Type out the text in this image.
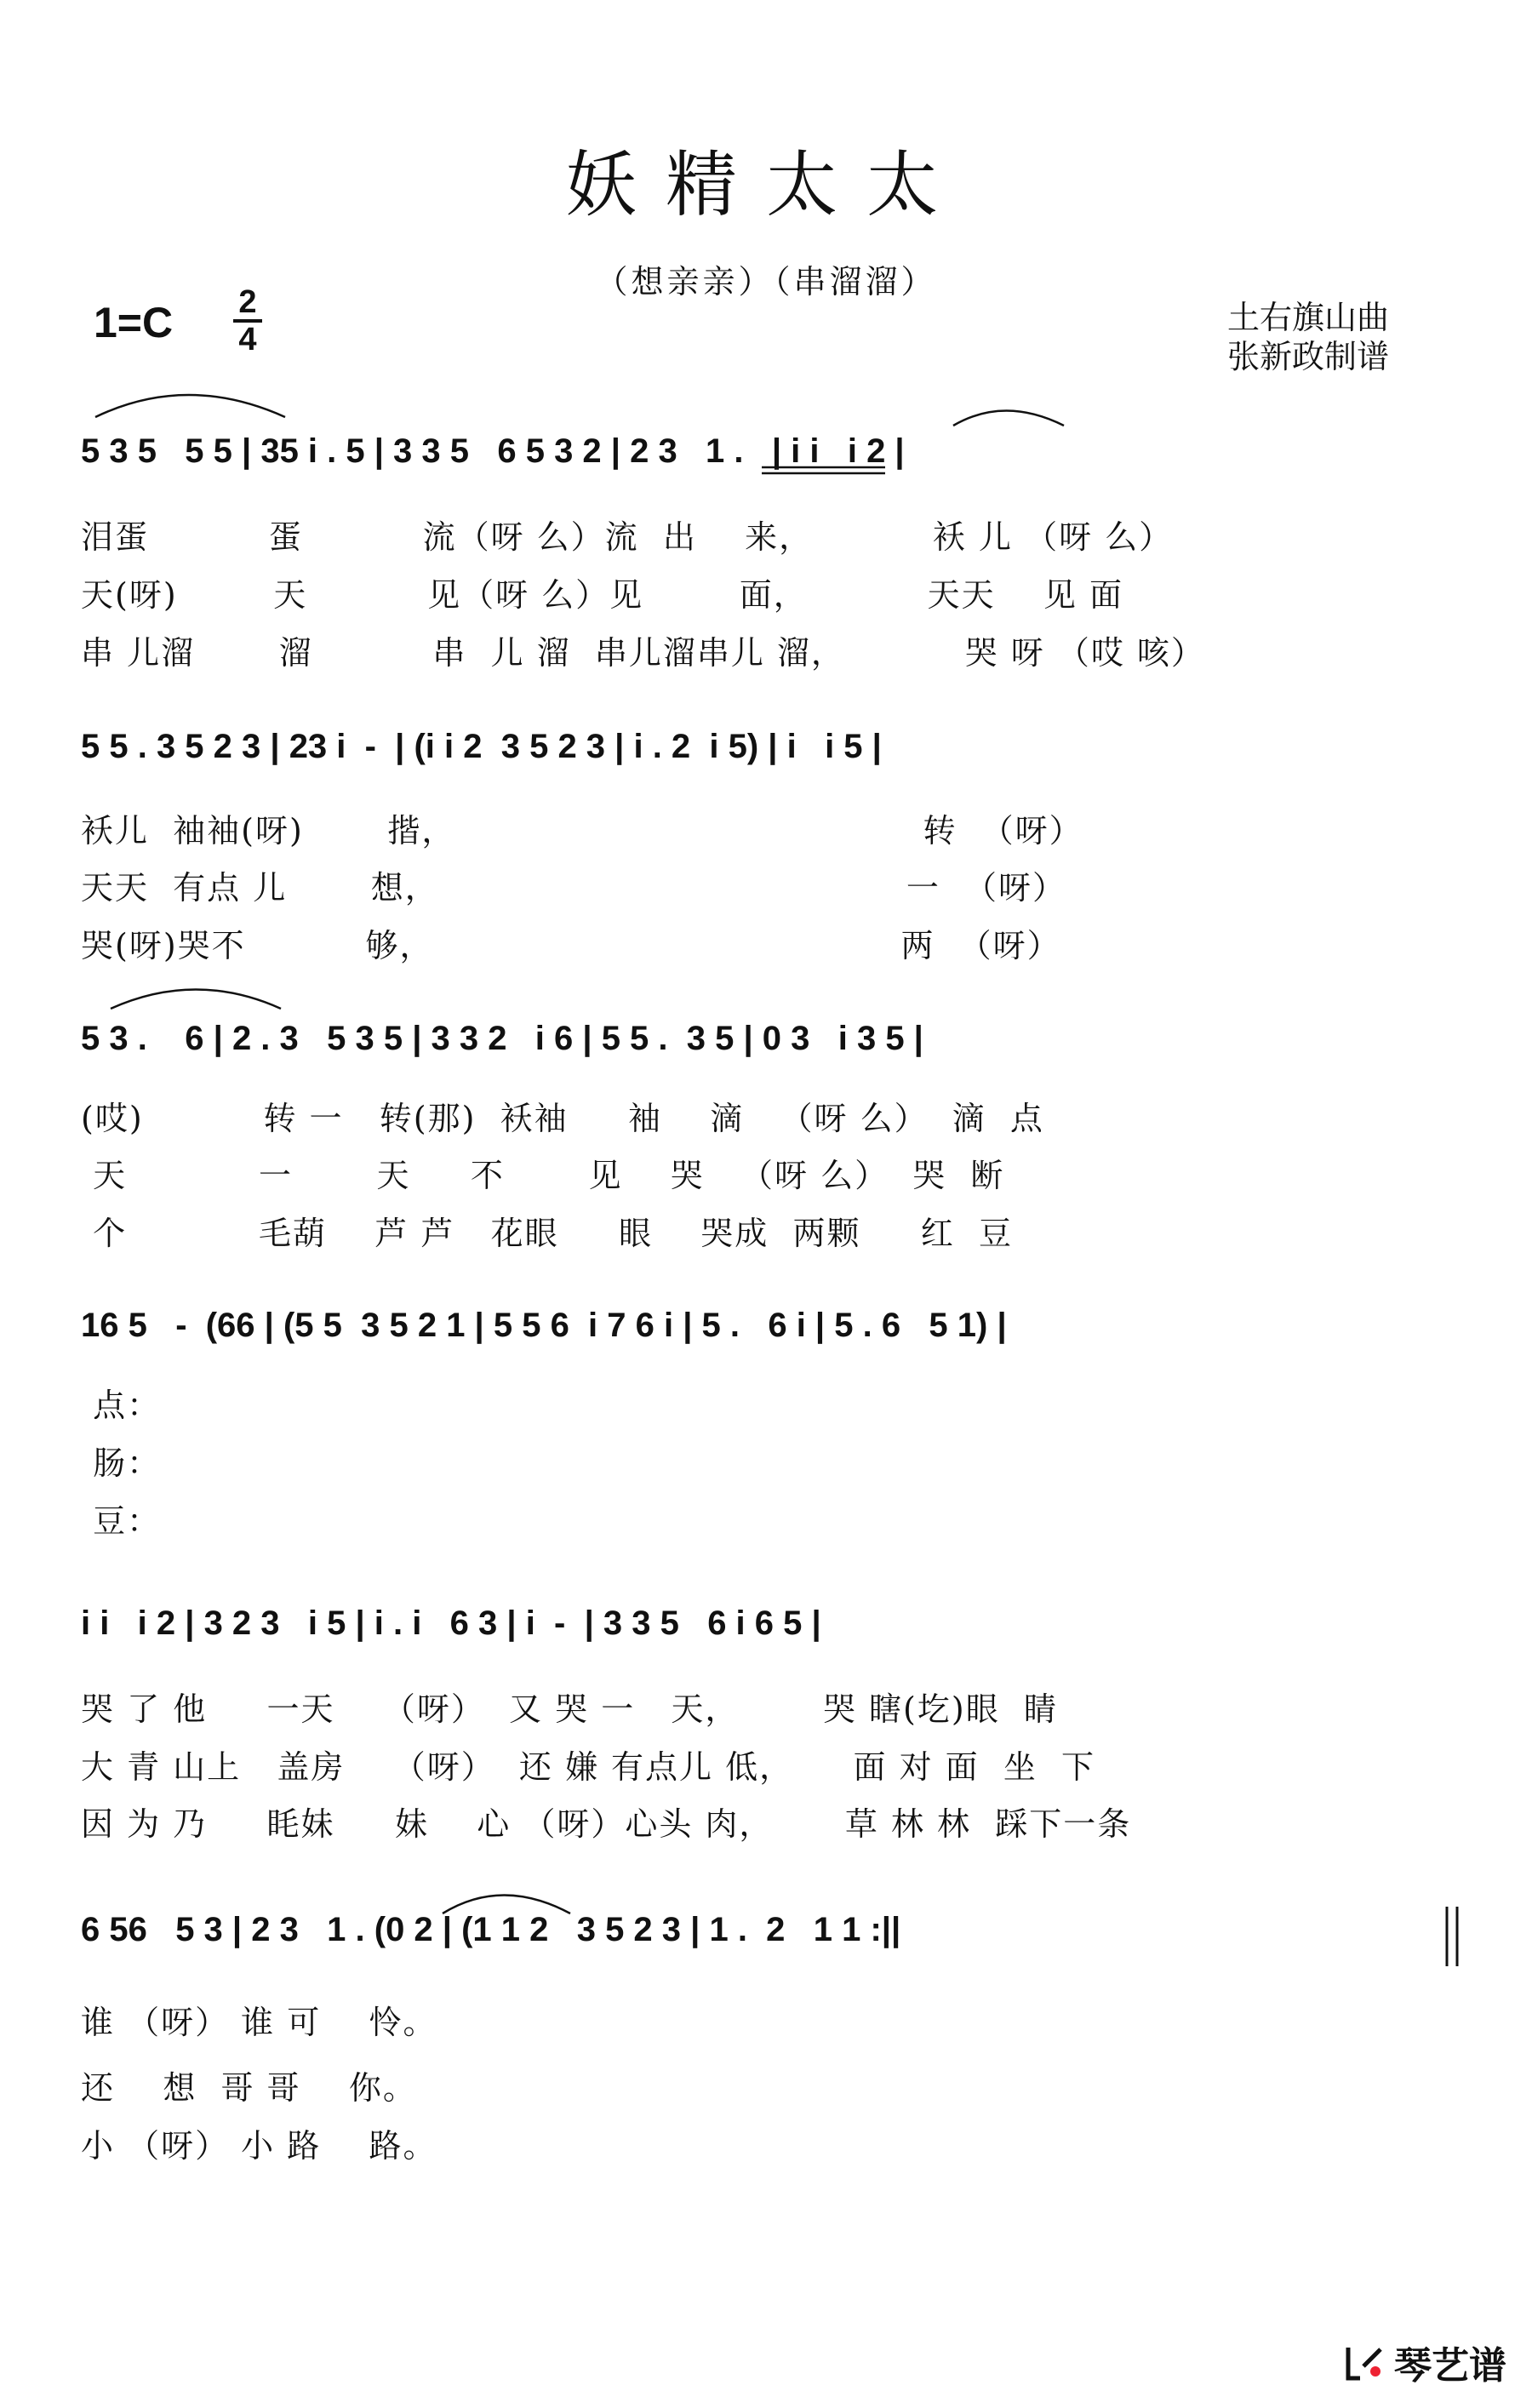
妖精太太
（想亲亲）（串溜溜）
1=C 2
4
土右旗山曲
张新政制谱
5 3 5   5 5 | 35 i . 5 | 3 3 5   6 5 3 2 | 2 3   1 .   | i i   i 2 |
泪蛋          蛋          流（呀 么）流  出    来，          袄 儿 （呀 么）
天(呀)        天          见（呀 么）见        面，          天天    见 面
串 儿溜       溜          串  儿 溜  串儿溜串儿 溜，          哭 呀 （哎 咳）
5 5 . 3 5 2 3 | 23 i  -  | (i i 2  3 5 2 3 | i . 2  i 5) | i   i 5 |
袄儿  袖袖(呀)       揩，                                       转  （呀）
天天  有点 儿       想，                                       一  （呀）
哭(呀)哭不          够，                                       两  （呀）
5 3 .    6 | 2 . 3   5 3 5 | 3 3 2   i 6 | 5 5 .  3 5 | 0 3   i 3 5 |
(哎)          转 一   转(那)  袄袖     袖    滴   （呀 么）  滴  点
天           一       天     不       见    哭   （呀 么）  哭  断
个           毛葫    芦 芦   花眼     眼    哭成  两颗     红  豆
16 5   -  (66 | (5 5  3 5 2 1 | 5 5 6  i 7 6 i | 5 .   6 i | 5 . 6   5 1) |
点：
肠：
豆：
i i   i 2 | 3 2 3   i 5 | i . i   6 3 | i  -  | 3 3 5   6 i 6 5 |
哭 了 他     一天    （呀）  又 哭 一   天，       哭 瞎(圪)眼  睛
大 青 山上   盖房    （呀）  还 嫌 有点儿 低，     面 对 面  坐  下
因 为 乃     眊妹     妹    心 （呀）心头 肉，      草 林 林  踩下一条
6 56   5 3 | 2 3   1 . (0 2 | (1 1 2   3 5 2 3 | 1 .  2   1 1 :||
谁 （呀） 谁 可    怜。
还    想  哥 哥    你。
小 （呀） 小 路    路。
琴艺谱
